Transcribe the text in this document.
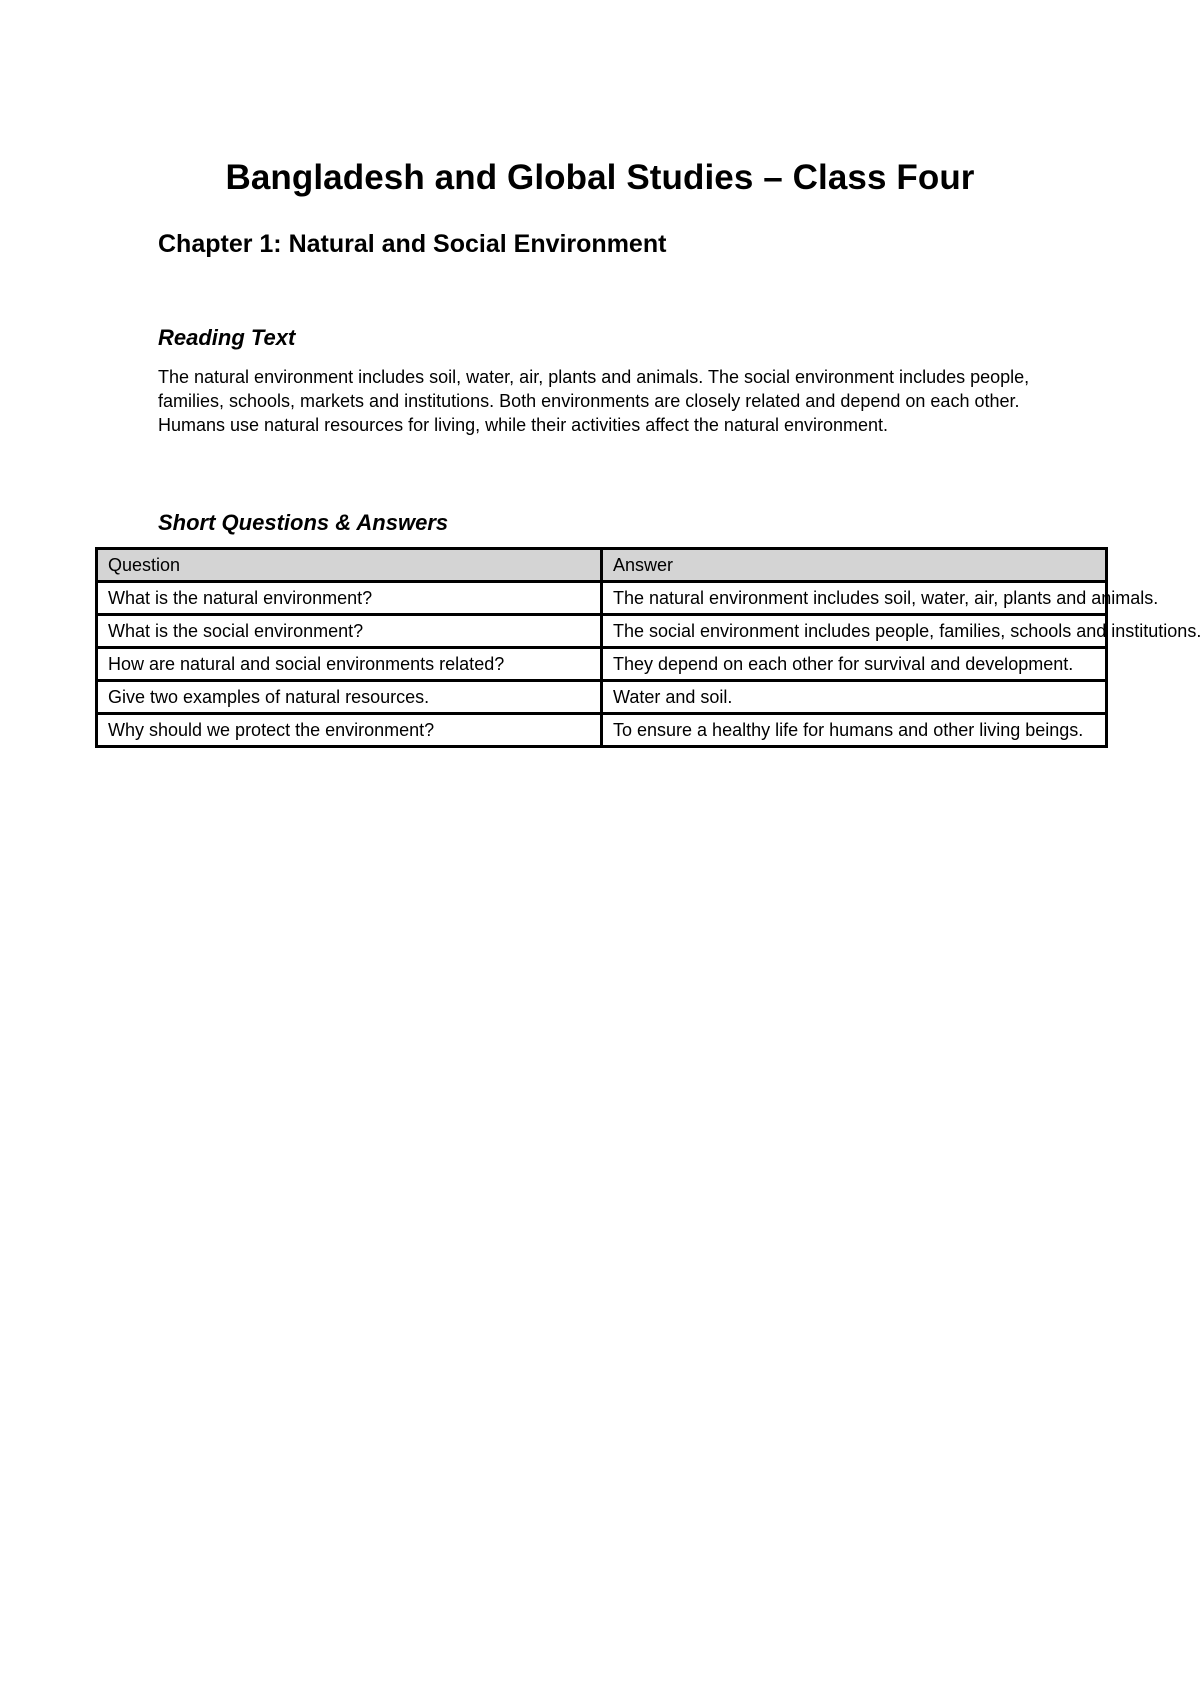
Bangladesh and Global Studies – Class Four
Chapter 1: Natural and Social Environment
Reading Text

The natural environment includes soil, water, air, plants and animals. The social environment includes people, families, schools, markets and institutions. Both environments are closely related and depend on each other. Humans use natural resources for living, while their activities affect the natural environment.

Short Questions & Answers
Question	Answer
What is the natural environment?	The natural environment includes soil, water, air, plants and animals.
What is the social environment?	The social environment includes people, families, schools and institutions.
How are natural and social environments related?	They depend on each other for survival and development.
Give two examples of natural resources.	Water and soil.
Why should we protect the environment?	To ensure a healthy life for humans and other living beings.
